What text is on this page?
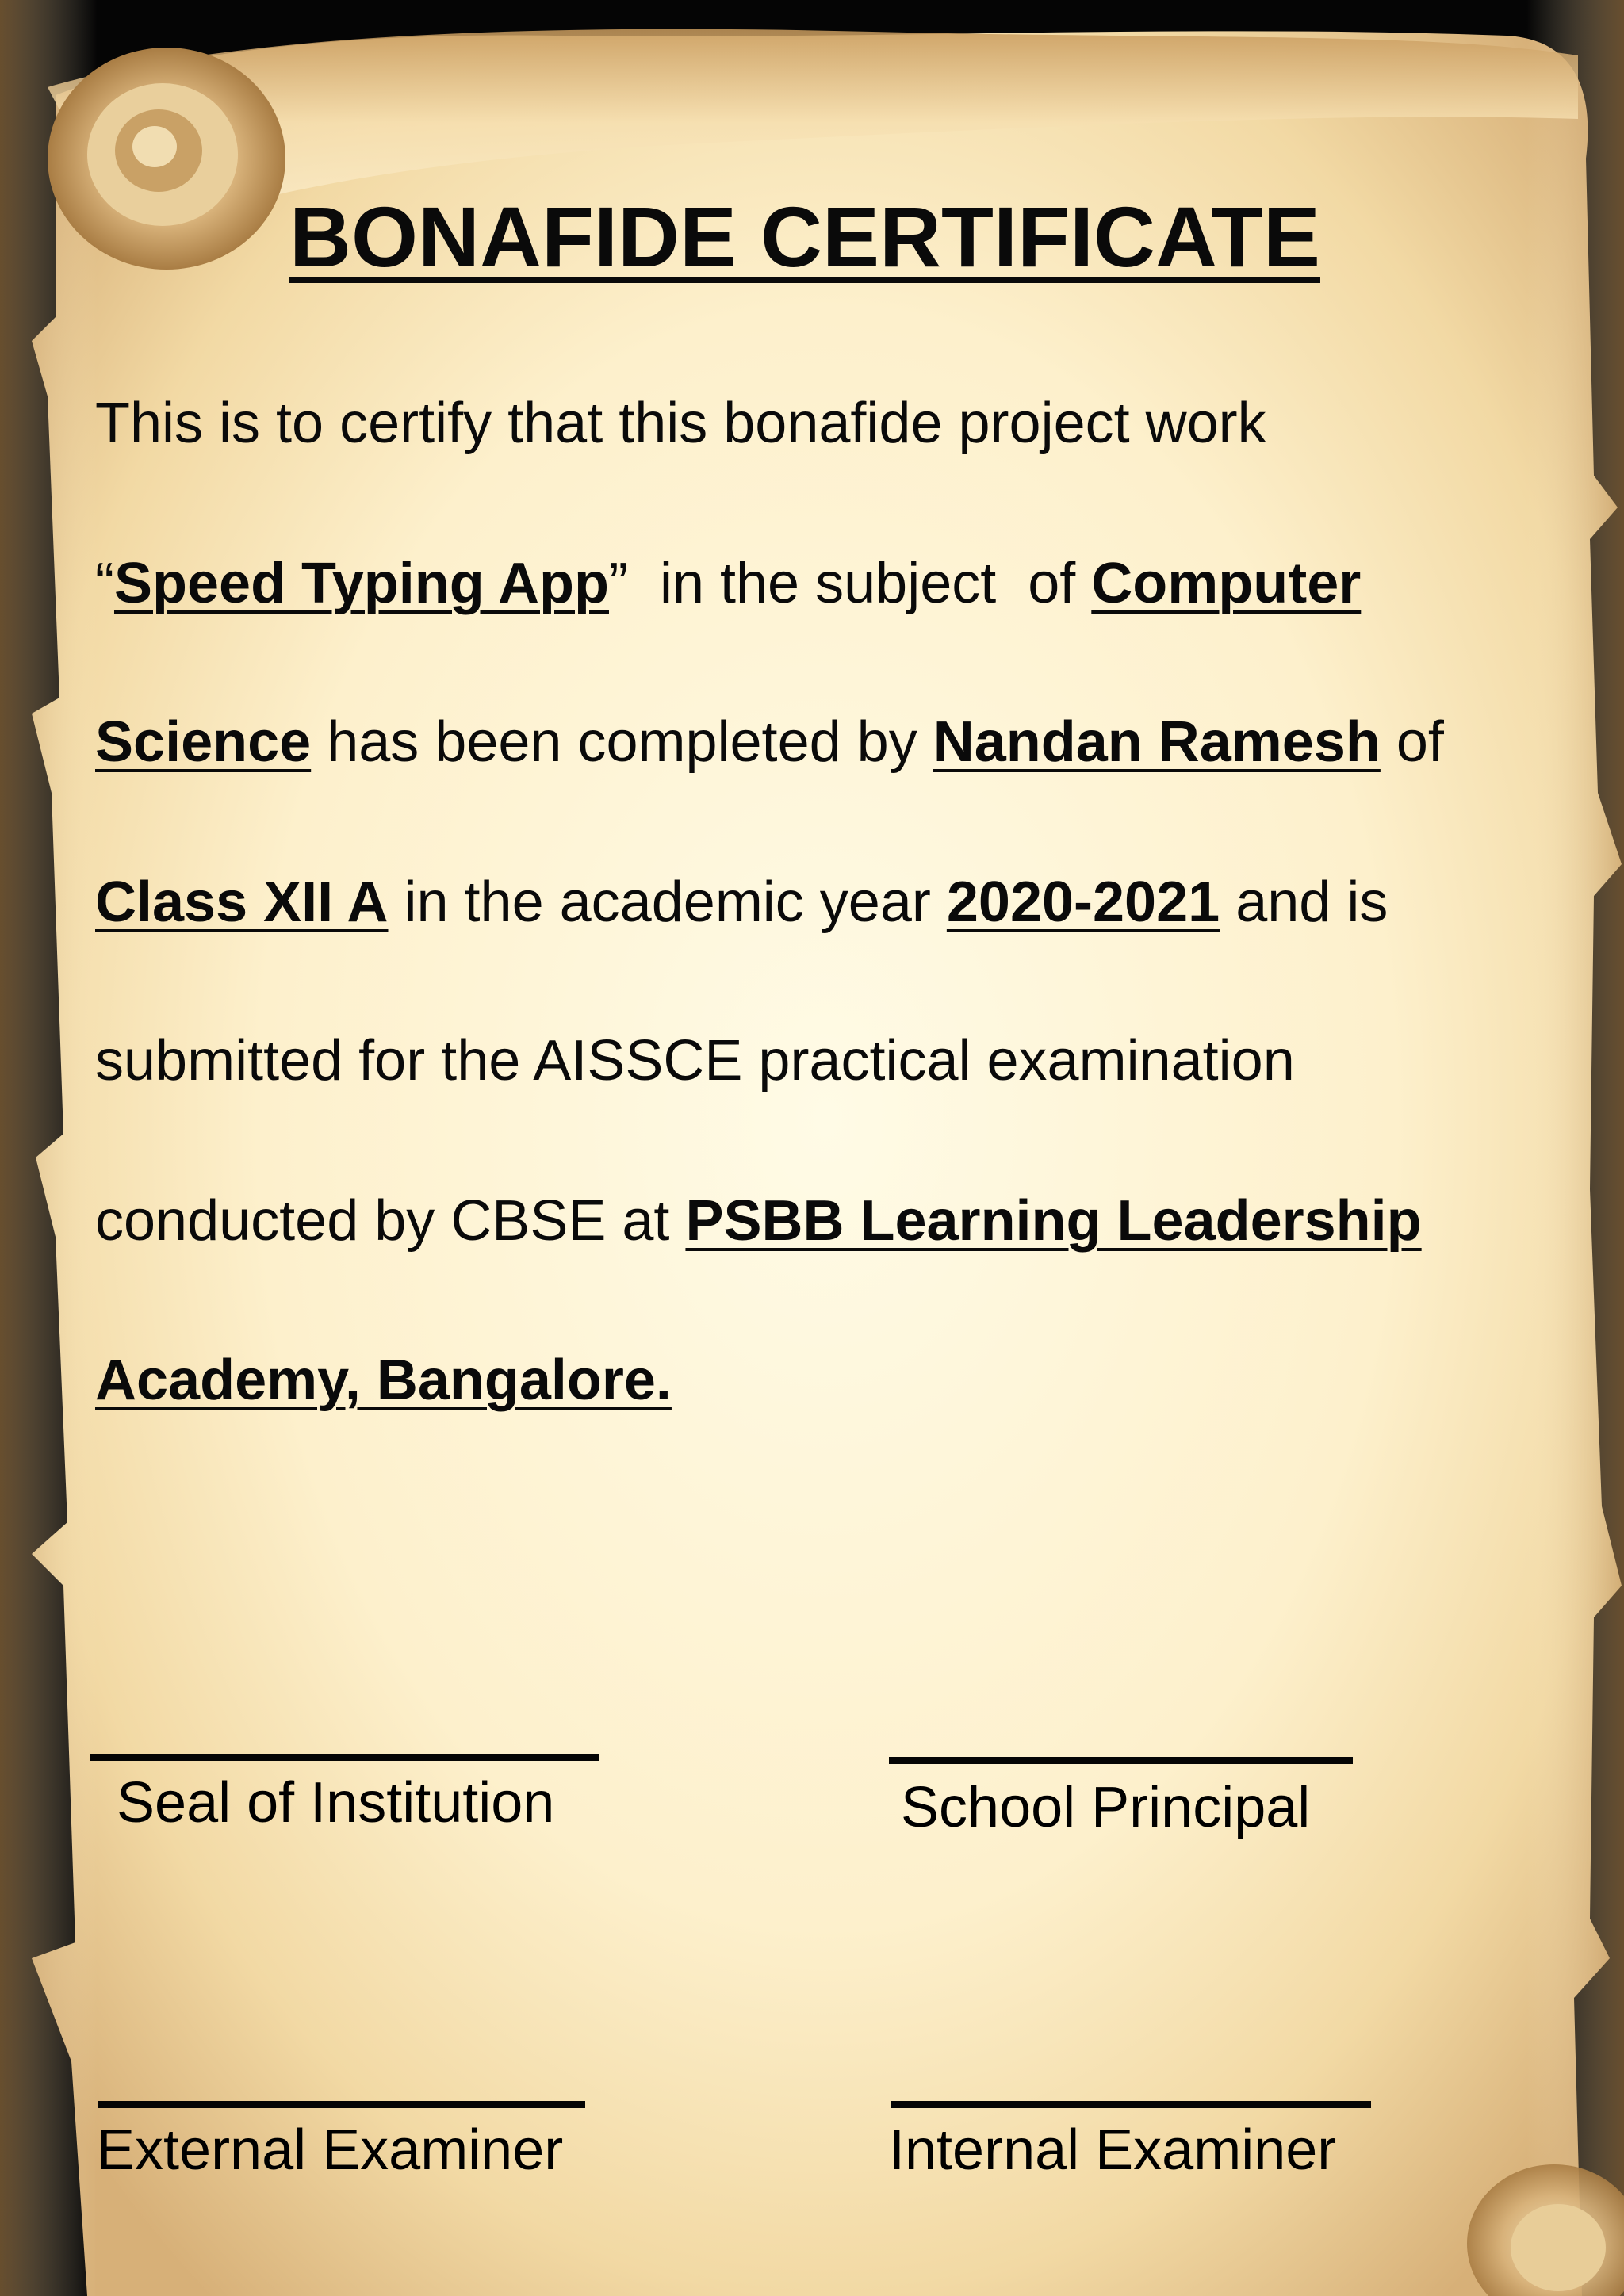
BONAFIDE CERTIFICATE
This is to certify that this bonafide project work
“Speed Typing App”  in the subject  of Computer
Science has been completed by Nandan Ramesh of
Class XII A in the academic year 2020-2021 and is
submitted for the AISSCE practical examination
conducted by CBSE at PSBB Learning Leadership
Academy, Bangalore.
Seal of Institution	School Principal
External Examiner	Internal Examiner
